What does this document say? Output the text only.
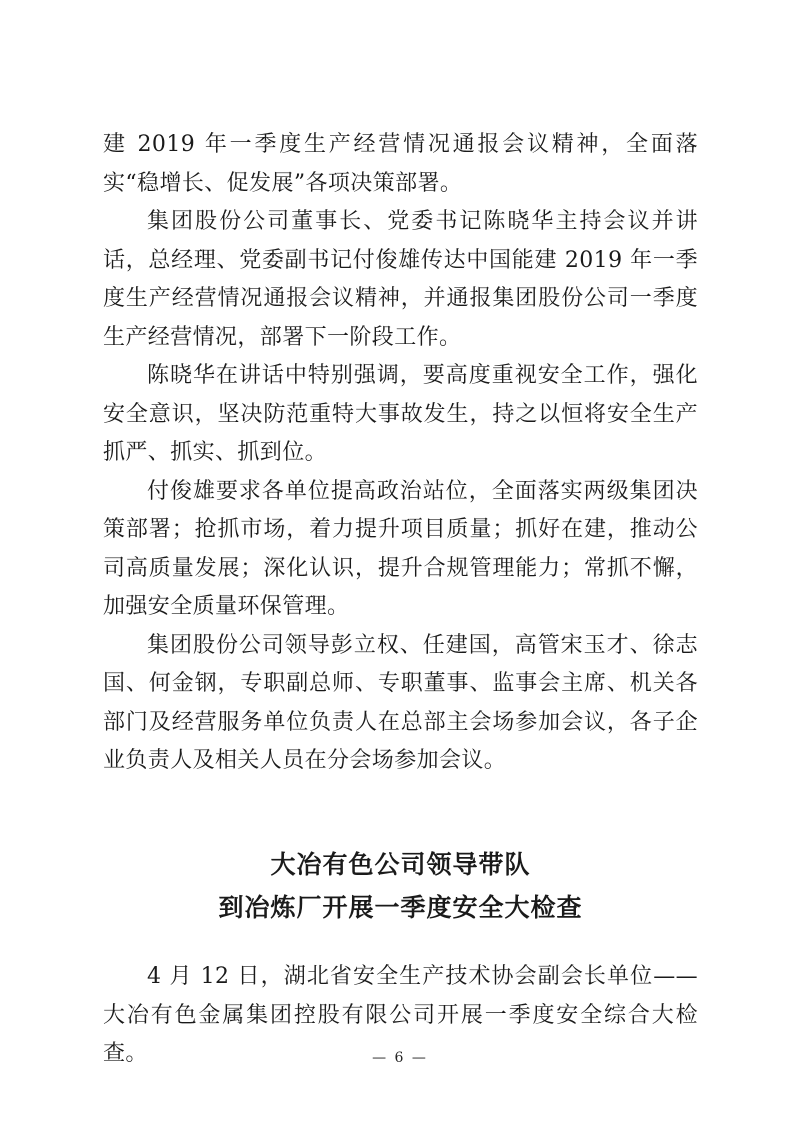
建 2019 年一季度生产经营情况通报会议精神，全面落实“稳增长、促发展”各项决策部署。

集团股份公司董事长、党委书记陈晓华主持会议并讲话，总经理、党委副书记付俊雄传达中国能建 2019 年一季度生产经营情况通报会议精神，并通报集团股份公司一季度生产经营情况，部署下一阶段工作。

陈晓华在讲话中特别强调，要高度重视安全工作，强化安全意识，坚决防范重特大事故发生，持之以恒将安全生产抓严、抓实、抓到位。

付俊雄要求各单位提高政治站位，全面落实两级集团决策部署；抢抓市场，着力提升项目质量；抓好在建，推动公司高质量发展；深化认识，提升合规管理能力；常抓不懈，加强安全质量环保管理。

集团股份公司领导彭立权、任建国，高管宋玉才、徐志国、何金钢，专职副总师、专职董事、监事会主席、机关各部门及经营服务单位负责人在总部主会场参加会议，各子企业负责人及相关人员在分会场参加会议。

大冶有色公司领导带队
到冶炼厂开展一季度安全大检查

4 月 12 日，湖北省安全生产技术协会副会长单位——大冶有色金属集团控股有限公司开展一季度安全综合大检查。	— 6 —
